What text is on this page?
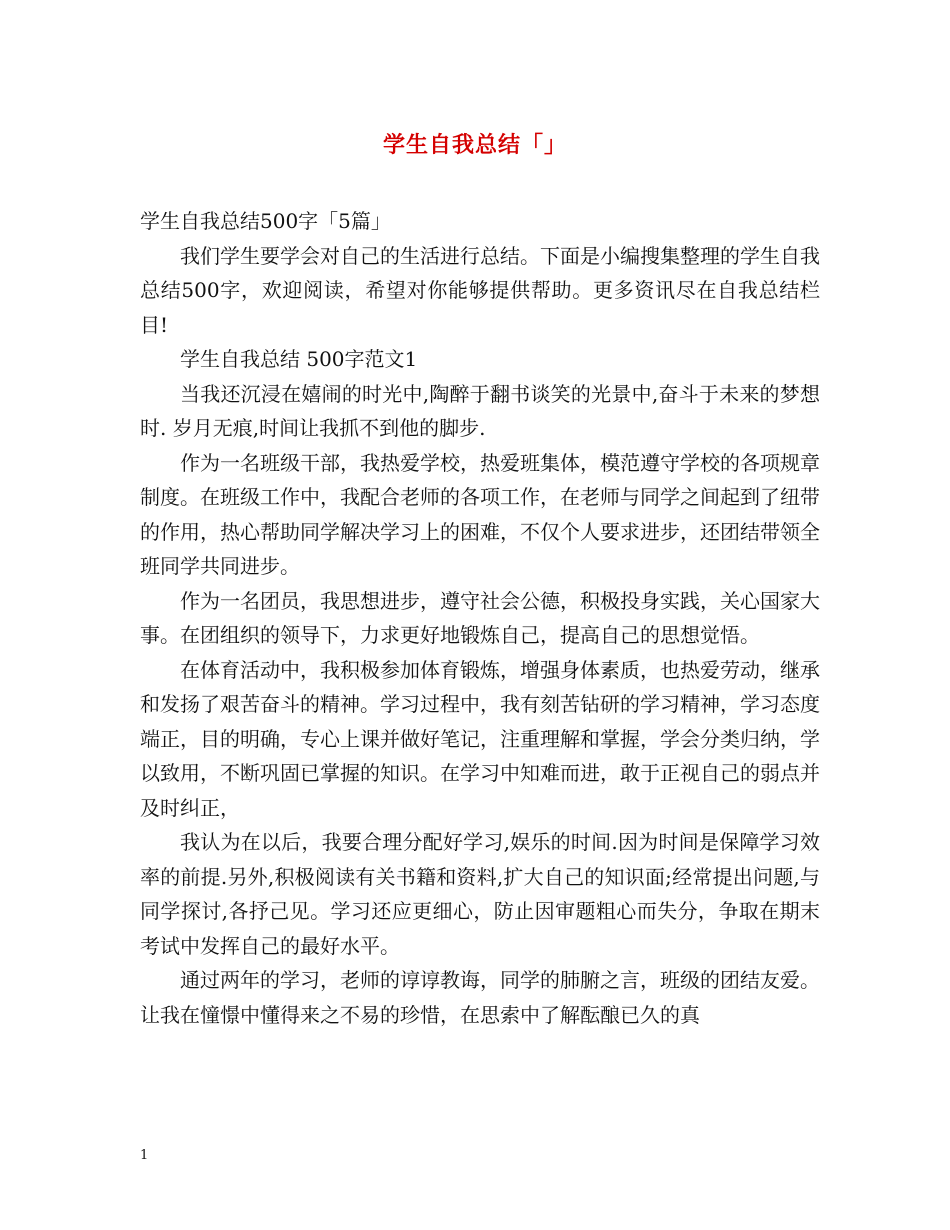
学生自我总结「」

学生自我总结500字「5篇」

我们学生要学会对自己的生活进行总结。下面是小编搜集整理的学生自我总结500字，欢迎阅读，希望对你能够提供帮助。更多资讯尽在自我总结栏目!

学生自我总结 500字范文1

当我还沉浸在嬉闹的时光中,陶醉于翻书谈笑的光景中,奋斗于未来的梦想时. 岁月无痕,时间让我抓不到他的脚步.

作为一名班级干部，我热爱学校，热爱班集体，模范遵守学校的各项规章制度。在班级工作中，我配合老师的各项工作，在老师与同学之间起到了纽带的作用，热心帮助同学解决学习上的困难，不仅个人要求进步，还团结带领全班同学共同进步。

作为一名团员，我思想进步，遵守社会公德，积极投身实践，关心国家大事。在团组织的领导下，力求更好地锻炼自己，提高自己的思想觉悟。

在体育活动中，我积极参加体育锻炼，增强身体素质，也热爱劳动，继承和发扬了艰苦奋斗的精神。学习过程中，我有刻苦钻研的学习精神，学习态度端正，目的明确，专心上课并做好笔记，注重理解和掌握，学会分类归纳，学以致用，不断巩固已掌握的知识。在学习中知难而进，敢于正视自己的弱点并及时纠正，

我认为在以后，我要合理分配好学习,娱乐的时间.因为时间是保障学习效率的前提.另外,积极阅读有关书籍和资料,扩大自己的知识面;经常提出问题,与同学探讨,各抒己见。学习还应更细心，防止因审题粗心而失分，争取在期末考试中发挥自己的最好水平。

通过两年的学习，老师的谆谆教诲，同学的肺腑之言，班级的团结友爱。让我在憧憬中懂得来之不易的珍惜，在思索中了解酝酿已久的真

1
